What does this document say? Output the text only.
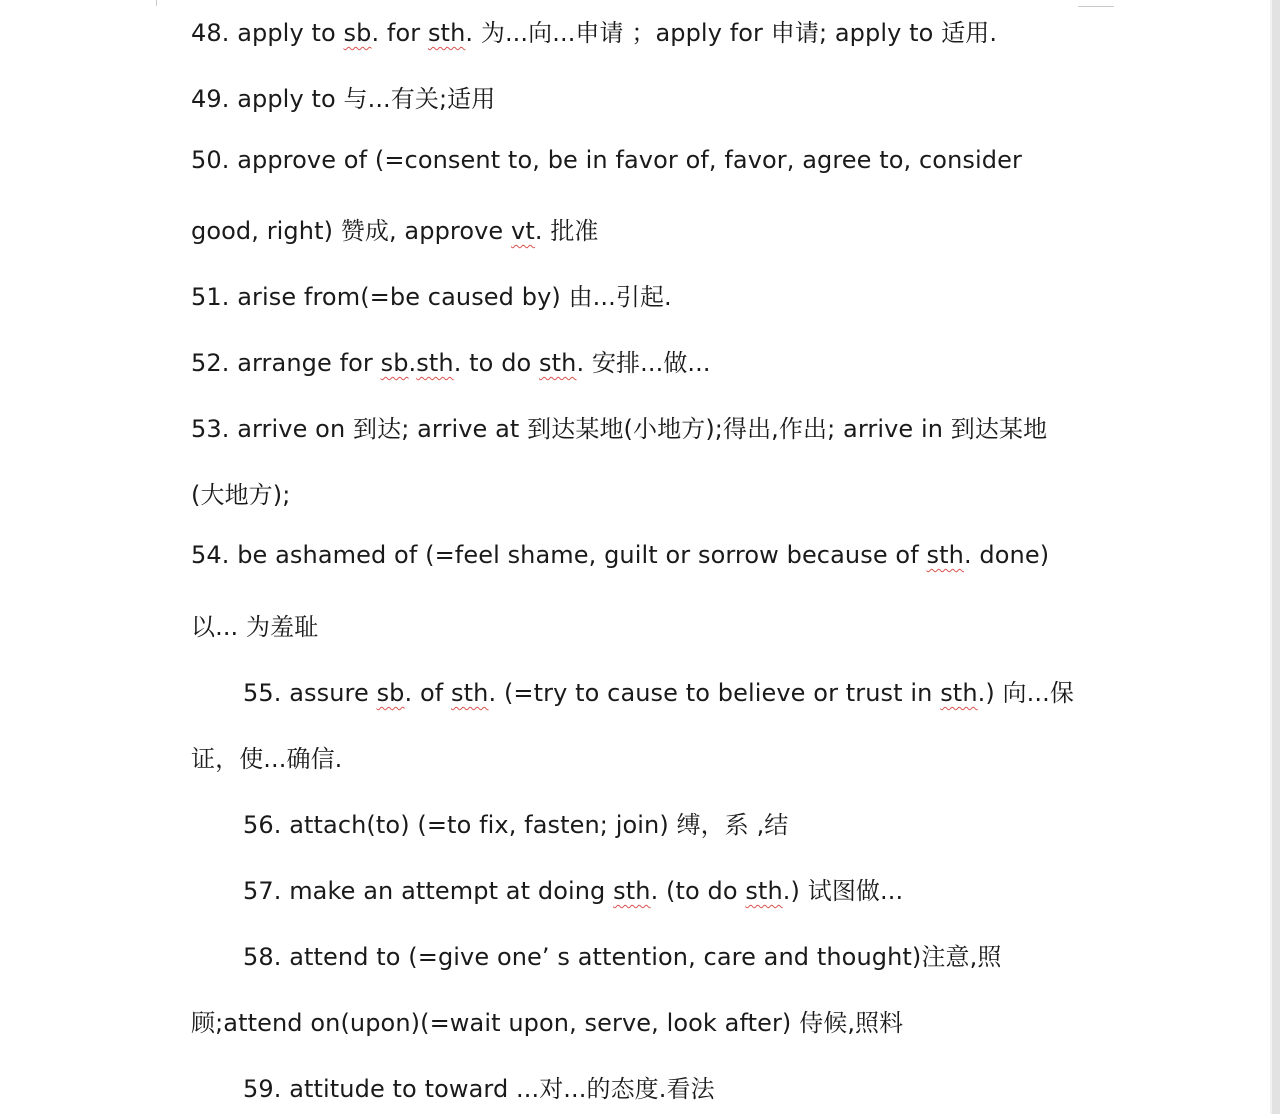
48. apply to sb. for sth. 为...向...申请 ；apply for 申请; apply to 适用.
49. apply to 与...有关;适用
50. approve of (=consent to, be in favor of, favor, agree to, consider
good, right) 赞成, approve vt. 批准
51. arise from(=be caused by) 由...引起.
52. arrange for sb.sth. to do sth. 安排...做...
53. arrive on 到达; arrive at 到达某地(小地方);得出,作出; arrive in 到达某地
(大地方);
54. be ashamed of (=feel shame, guilt or sorrow because of sth. done)
以... 为羞耻
55. assure sb. of sth. (=try to cause to believe or trust in sth.) 向...保
证，使...确信.
56. attach(to) (=to fix, fasten; join) 缚，系 ,结
57. make an attempt at doing sth. (to do sth.) 试图做...
58. attend to (=give one’ s attention, care and thought)注意,照
顾;attend on(upon)(=wait upon, serve, look after) 侍候,照料
59. attitude to toward ...对...的态度.看法
